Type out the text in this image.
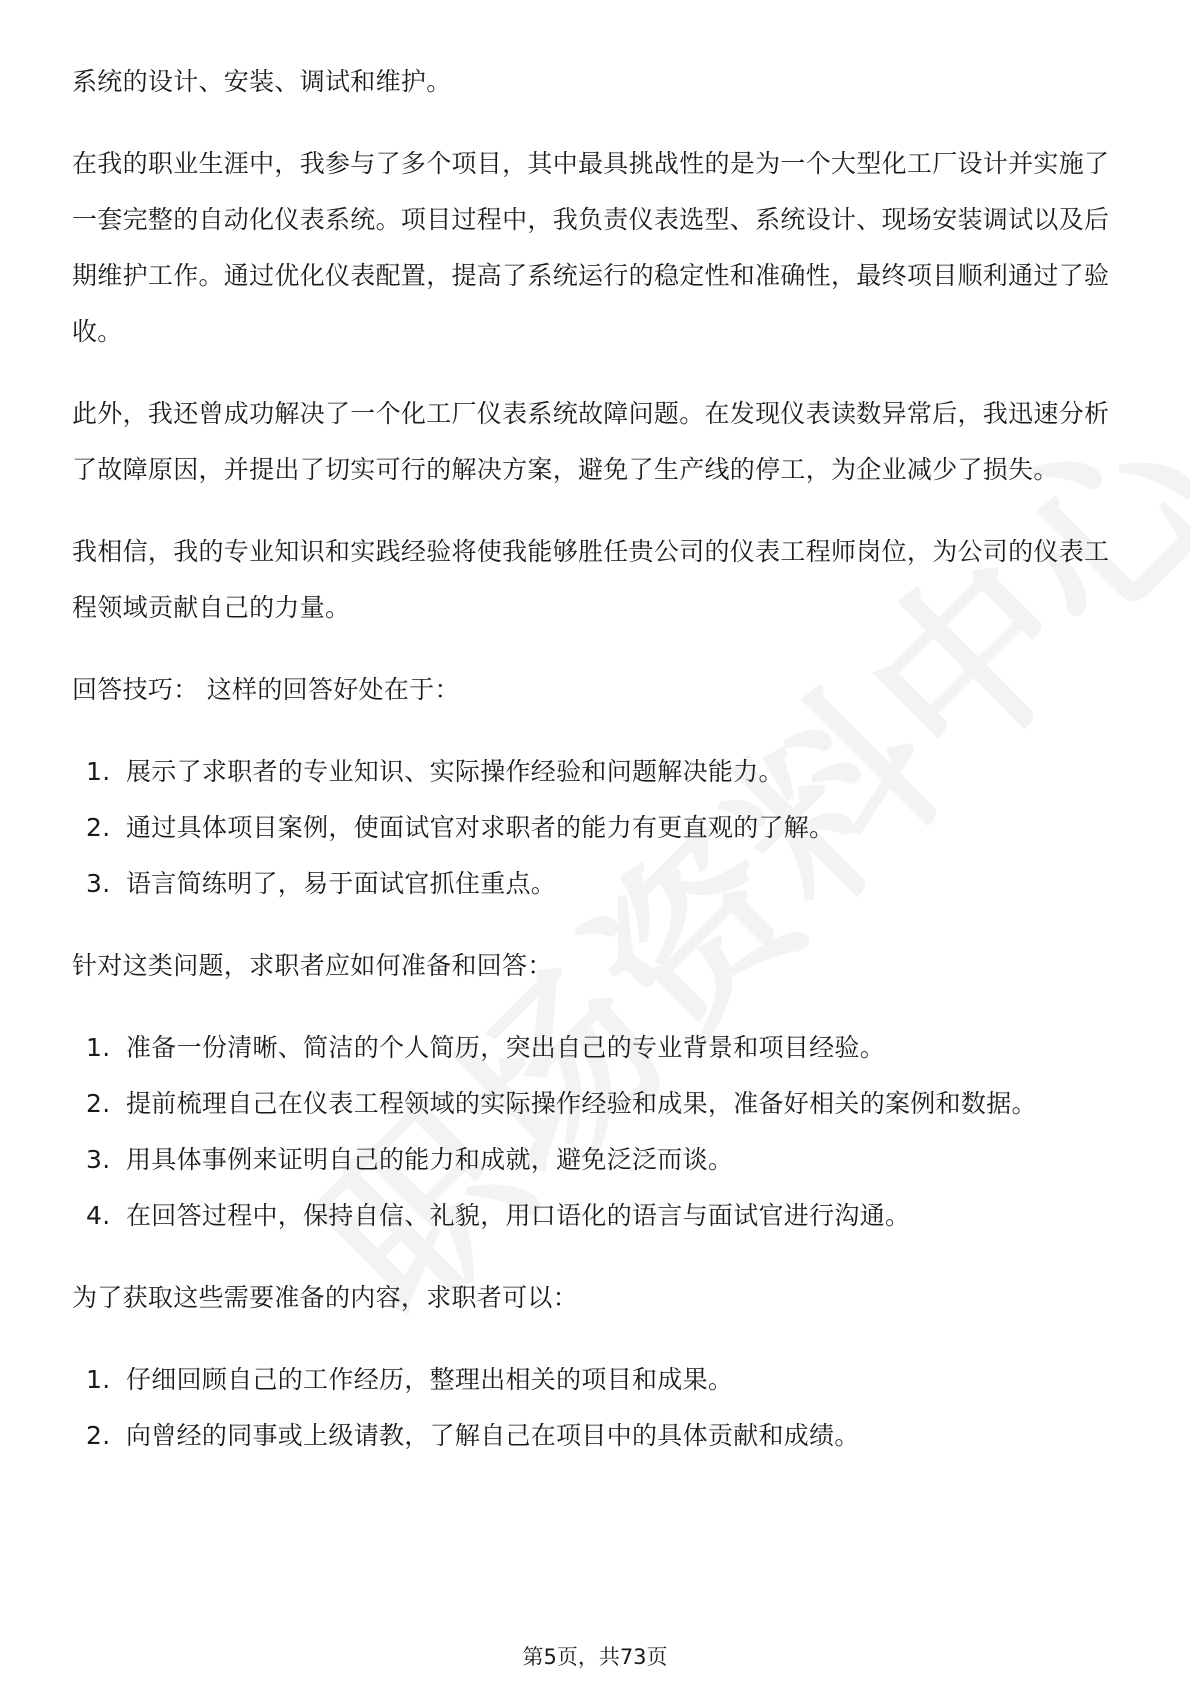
系统的设计、安装、调试和维护。

在我的职业生涯中，我参与了多个项目，其中最具挑战性的是为一个大型化工厂设计并实施了一套完整的自动化仪表系统。项目过程中，我负责仪表选型、系统设计、现场安装调试以及后期维护工作。通过优化仪表配置，提高了系统运行的稳定性和准确性，最终项目顺利通过了验收。

此外，我还曾成功解决了一个化工厂仪表系统故障问题。在发现仪表读数异常后，我迅速分析了故障原因，并提出了切实可行的解决方案，避免了生产线的停工，为企业减少了损失。

我相信，我的专业知识和实践经验将使我能够胜任贵公司的仪表工程师岗位，为公司的仪表工程领域贡献自己的力量。

回答技巧： 这样的回答好处在于：

1. 展示了求职者的专业知识、实际操作经验和问题解决能力。
2. 通过具体项目案例，使面试官对求职者的能力有更直观的了解。
3. 语言简练明了，易于面试官抓住重点。

针对这类问题，求职者应如何准备和回答：

1. 准备一份清晰、简洁的个人简历，突出自己的专业背景和项目经验。
2. 提前梳理自己在仪表工程领域的实际操作经验和成果，准备好相关的案例和数据。
3. 用具体事例来证明自己的能力和成就，避免泛泛而谈。
4. 在回答过程中，保持自信、礼貌，用口语化的语言与面试官进行沟通。

为了获取这些需要准备的内容，求职者可以：

1. 仔细回顾自己的工作经历，整理出相关的项目和成果。
2. 向曾经的同事或上级请教，了解自己在项目中的具体贡献和成绩。
第5页，共73页
